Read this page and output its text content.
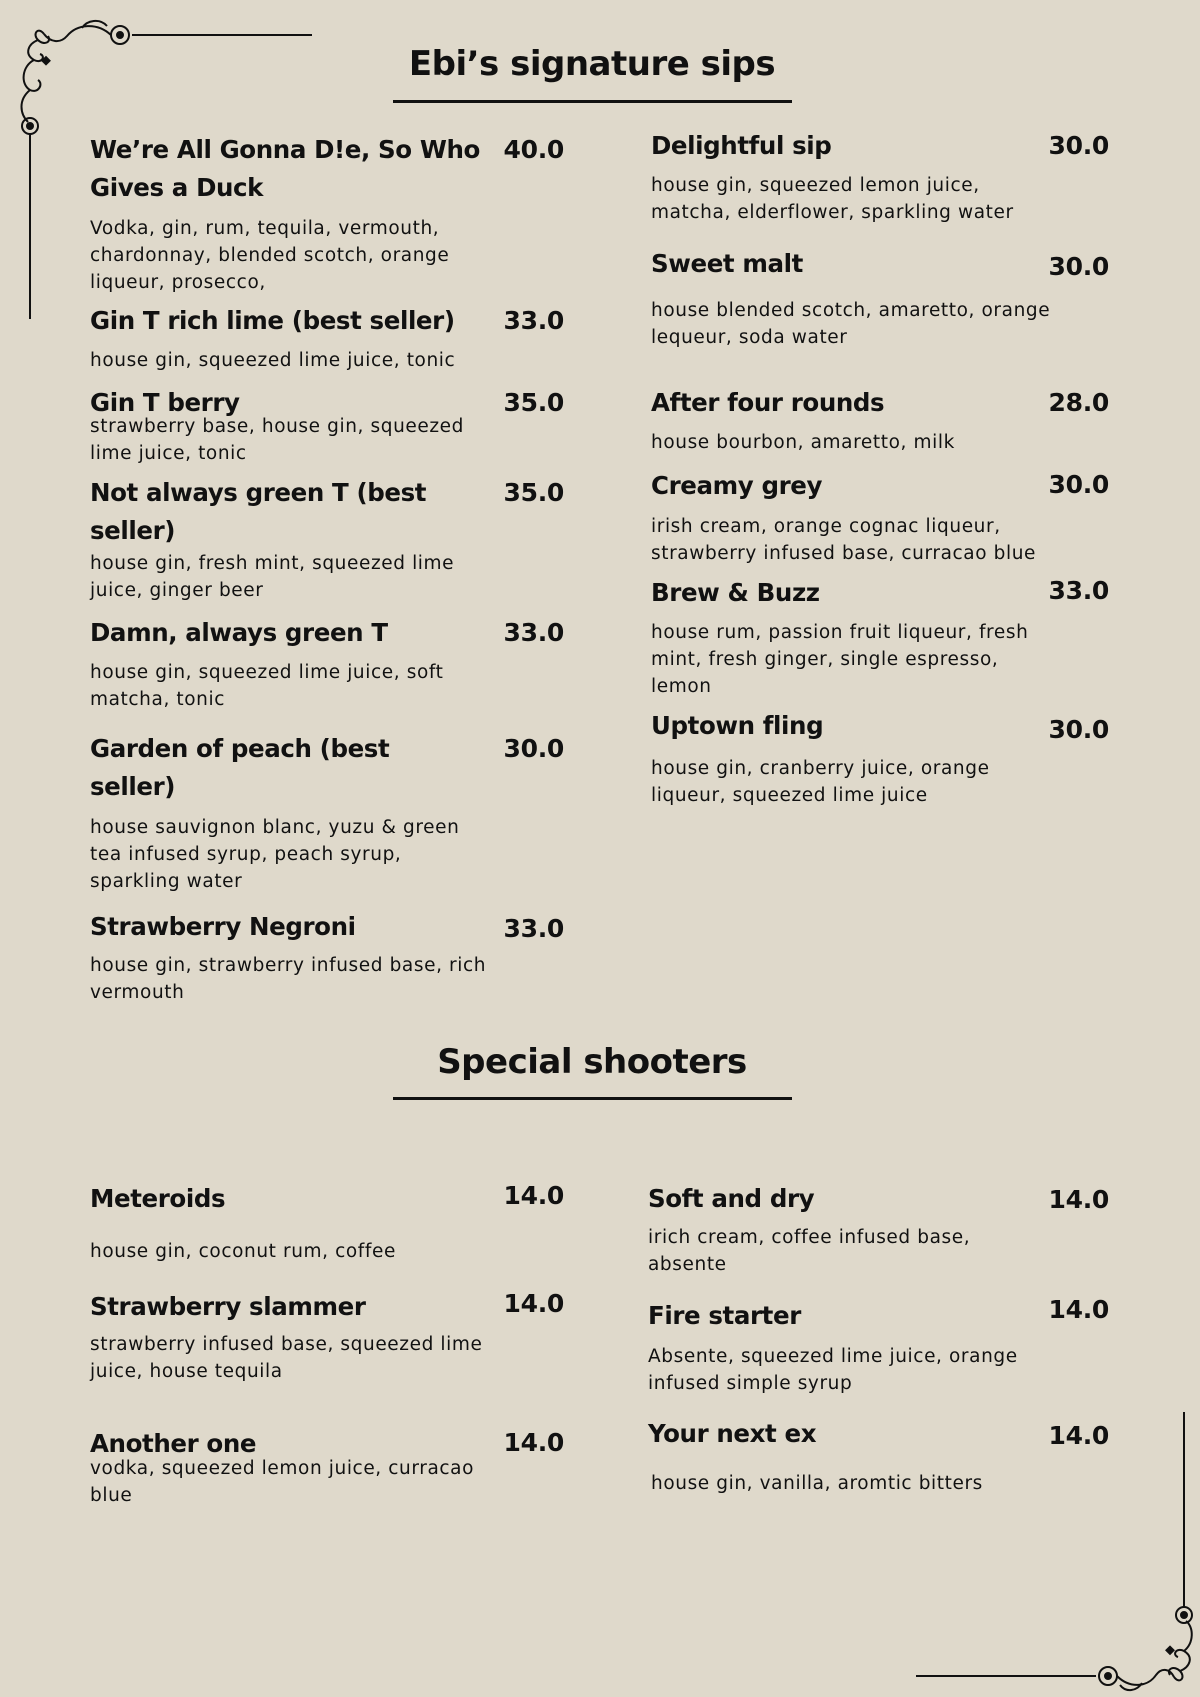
Ebi’s signature sips
We’re All Gonna D!e, So Who Gives a Duck
40.0
Vodka, gin, rum, tequila, vermouth, chardonnay, blended scotch, orange liqueur, prosecco,
Gin T rich lime (best seller)	33.0
house gin, squeezed lime juice, tonic
Gin T berry	35.0
strawberry base, house gin, squeezed lime juice, tonic
Not always green T (best seller)
35.0
house gin, fresh mint, squeezed lime juice, ginger beer
Damn, always green T	33.0
house gin, squeezed lime juice, soft matcha, tonic
Garden of peach (best seller)
30.0
house sauvignon blanc, yuzu & green tea infused syrup, peach syrup, sparkling water
Strawberry Negroni	33.0
house gin, strawberry infused base, rich vermouth
Delightful sip	30.0
house gin, squeezed lemon juice, matcha, elderflower, sparkling water
Sweet malt	30.0
house blended scotch, amaretto, orange lequeur, soda water
After four rounds	28.0
house bourbon, amaretto, milk
Creamy grey	30.0
irish cream, orange cognac liqueur, strawberry infused base, curracao blue
Brew & Buzz	33.0
house rum, passion fruit liqueur, fresh mint, fresh ginger, single espresso, lemon
Uptown fling	30.0
house gin, cranberry juice, orange liqueur, squeezed lime juice
Special shooters
Meteroids	14.0
house gin, coconut rum, coffee
Strawberry slammer	14.0
strawberry infused base, squeezed lime juice, house tequila
Another one	14.0
vodka, squeezed lemon juice, curracao blue
Soft and dry	14.0
irich cream, coffee infused base, absente
Fire starter	14.0
Absente, squeezed lime juice, orange infused simple syrup
Your next ex	14.0
house gin, vanilla, aromtic bitters
